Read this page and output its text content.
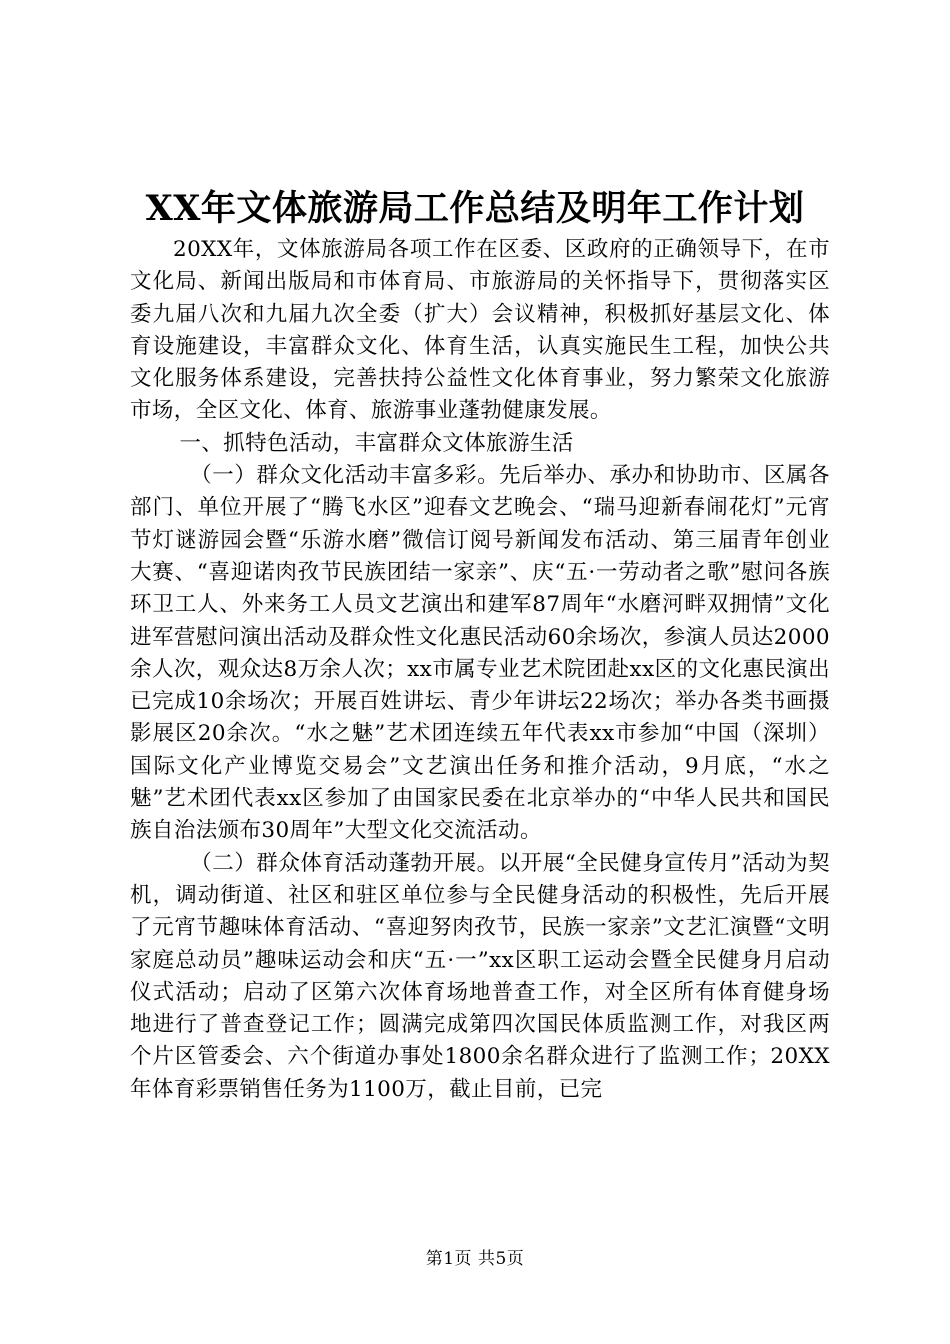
XX年文体旅游局工作总结及明年工作计划

20XX年，文体旅游局各项工作在区委、区政府的正确领导下，在市文化局、新闻出版局和市体育局、市旅游局的关怀指导下，贯彻落实区委九届八次和九届九次全委（扩大）会议精神，积极抓好基层文化、体育设施建设，丰富群众文化、体育生活，认真实施民生工程，加快公共文化服务体系建设，完善扶持公益性文化体育事业，努力繁荣文化旅游市场，全区文化、体育、旅游事业蓬勃健康发展。

一、抓特色活动，丰富群众文体旅游生活

（一）群众文化活动丰富多彩。先后举办、承办和协助市、区属各部门、单位开展了“腾飞水区”迎春文艺晚会、“瑞马迎新春闹花灯”元宵节灯谜游园会暨“乐游水磨”微信订阅号新闻发布活动、第三届青年创业大赛、“喜迎诺肉孜节民族团结一家亲”、庆“五·一劳动者之歌”慰问各族环卫工人、外来务工人员文艺演出和建军87周年“水磨河畔双拥情”文化进军营慰问演出活动及群众性文化惠民活动60余场次，参演人员达2000余人次，观众达8万余人次；xx市属专业艺术院团赴xx区的文化惠民演出已完成10余场次；开展百姓讲坛、青少年讲坛22场次；举办各类书画摄影展区20余次。“水之魅”艺术团连续五年代表xx市参加“中国（深圳）国际文化产业博览交易会”文艺演出任务和推介活动，9月底，“水之魅”艺术团代表xx区参加了由国家民委在北京举办的“中华人民共和国民族自治法颁布30周年”大型文化交流活动。

（二）群众体育活动蓬勃开展。以开展“全民健身宣传月”活动为契机，调动街道、社区和驻区单位参与全民健身活动的积极性，先后开展了元宵节趣味体育活动、“喜迎努肉孜节，民族一家亲”文艺汇演暨“文明家庭总动员”趣味运动会和庆“五·一”xx区职工运动会暨全民健身月启动仪式活动；启动了区第六次体育场地普查工作，对全区所有体育健身场地进行了普查登记工作；圆满完成第四次国民体质监测工作，对我区两个片区管委会、六个街道办事处1800余名群众进行了监测工作；20XX年体育彩票销售任务为1100万，截止目前，已完

第1页 共5页
